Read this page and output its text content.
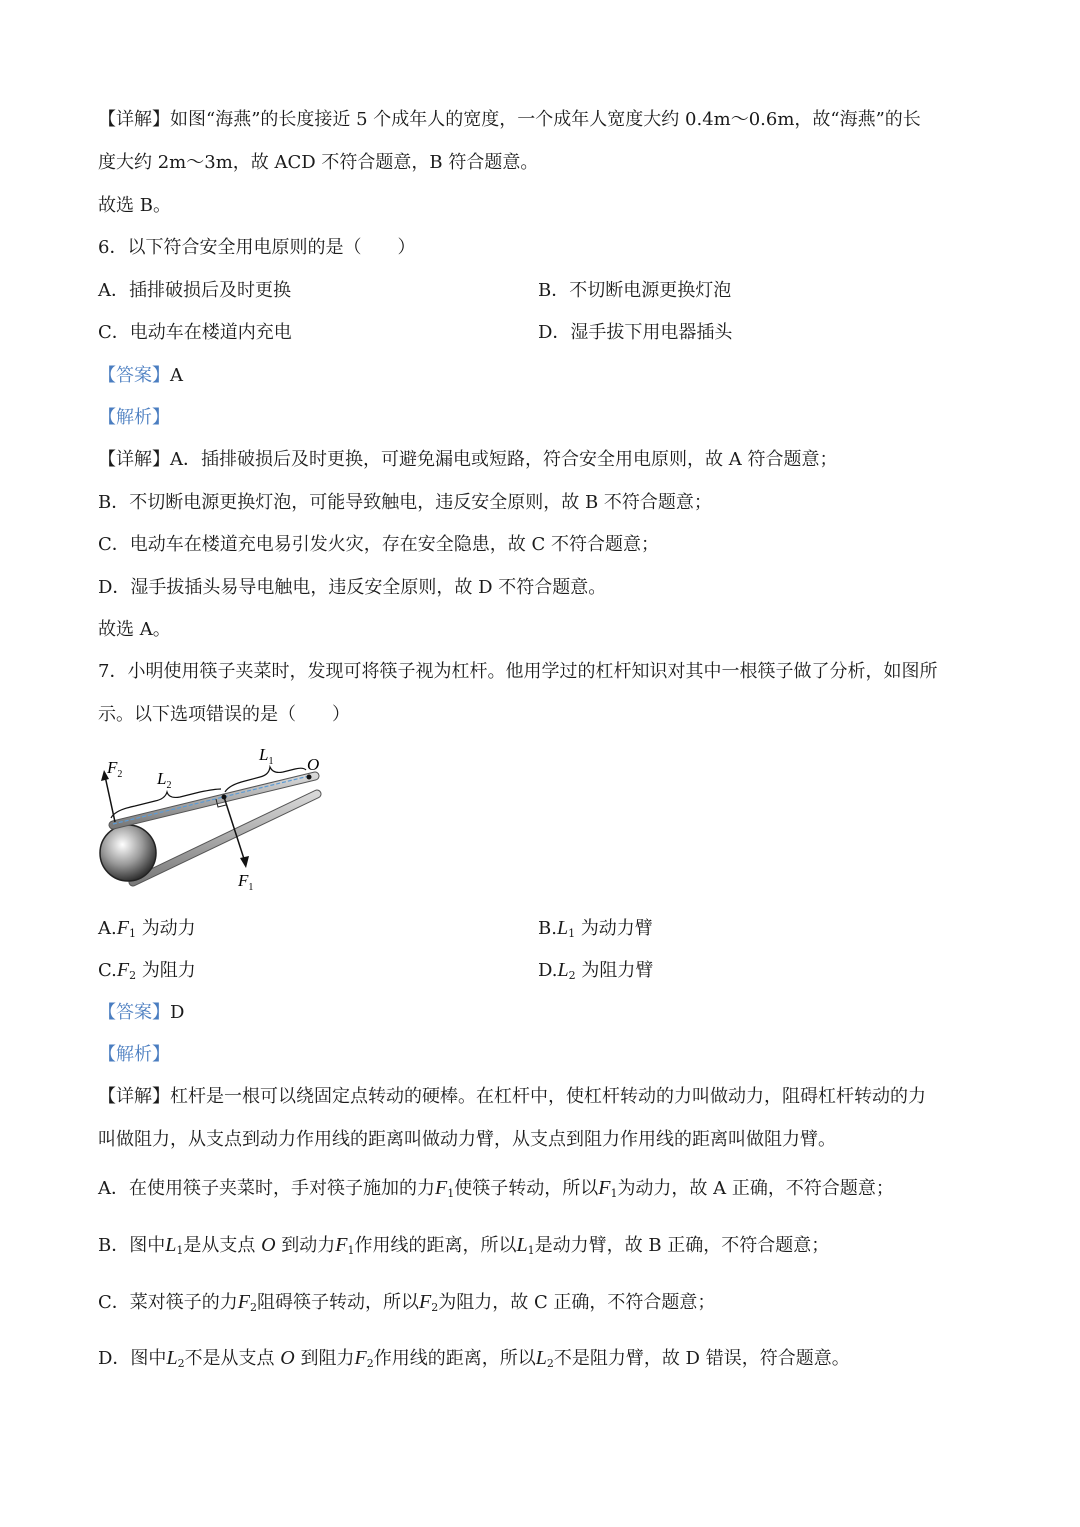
【详解】如图“海燕”的长度接近 5 个成年人的宽度，一个成年人宽度大约 0.4m～0.6m，故“海燕”的长
度大约 2m～3m，故 ACD 不符合题意，B 符合题意。
故选 B。
6．以下符合安全用电原则的是（　　）
A．插排破损后及时更换	B．不切断电源更换灯泡
C．电动车在楼道内充电	D．湿手拔下用电器插头
【答案】A
【解析】
【详解】A．插排破损后及时更换，可避免漏电或短路，符合安全用电原则，故 A 符合题意；
B．不切断电源更换灯泡，可能导致触电，违反安全原则，故 B 不符合题意；
C．电动车在楼道充电易引发火灾，存在安全隐患，故 C 不符合题意；
D．湿手拔插头易导电触电，违反安全原则，故 D 不符合题意。
故选 A。
7．小明使用筷子夹菜时，发现可将筷子视为杠杆。他用学过的杠杆知识对其中一根筷子做了分析，如图所
示。以下选项错误的是（　　）
$F_2$ $L_2$
$L_1$ O
$F_1$
$A.F_1$ 为动力	$B.L_1$ 为动力臂
$C.F_2$ 为阻力	$D.L_2$ 为阻力臂
【答案】D
【解析】
【详解】杠杆是一根可以绕固定点转动的硬棒。在杠杆中，使杠杆转动的力叫做动力，阻碍杠杆转动的力
叫做阻力，从支点到动力作用线的距离叫做动力臂，从支点到阻力作用线的距离叫做阻力臂。
A．在使用筷子夹菜时，手对筷子施加的力$F_1$使筷子转动，所以$F_1$为动力，故 A 正确，不符合题意；
B．图中$L_1$是从支点 O 到动力$F_1$作用线的距离，所以$L_1$是动力臂，故 B 正确，不符合题意；
C．菜对筷子的力$F_2$阻碍筷子转动，所以$F_2$为阻力，故 C 正确，不符合题意；
D．图中$L_2$不是从支点 O 到阻力$F_2$作用线的距离，所以$L_2$不是阻力臂，故 D 错误，符合题意。
